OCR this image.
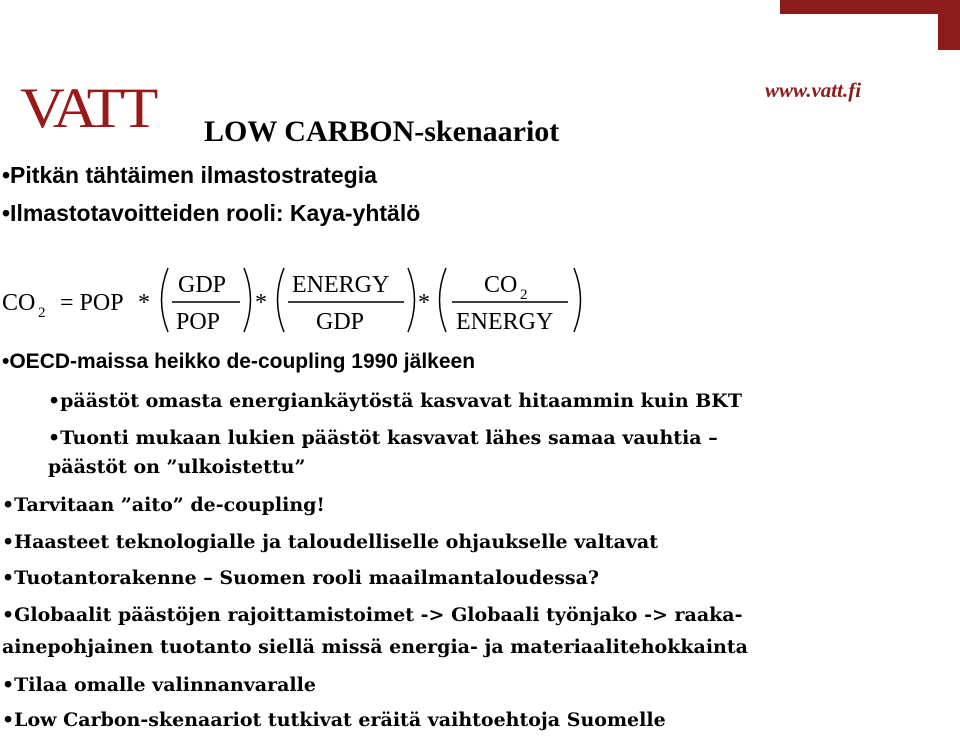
VATT	www.vatt.fi
LOW CARBON-skenaariot
•Pitkän tähtäimen ilmastostrategia
•Ilmastotavoitteiden rooli: Kaya-yhtälö
CO 2 = POP *
GDP
POP
*
ENERGY
GDP
*
CO 2
ENERGY
•OECD-maissa heikko de-coupling 1990 jälkeen
•päästöt omasta energiankäytöstä kasvavat hitaammin kuin BKT
•Tuonti mukaan lukien päästöt kasvavat lähes samaa vauhtia –
päästöt on ”ulkoistettu”
•Tarvitaan ”aito” de-coupling!
•Haasteet teknologialle ja taloudelliselle ohjaukselle valtavat
•Tuotantorakenne – Suomen rooli maailmantaloudessa?
•Globaalit päästöjen rajoittamistoimet -> Globaali työnjako -> raaka-
ainepohjainen tuotanto siellä missä energia- ja materiaalitehokkainta
•Tilaa omalle valinnanvaralle
•Low Carbon-skenaariot tutkivat eräitä vaihtoehtoja Suomelle
